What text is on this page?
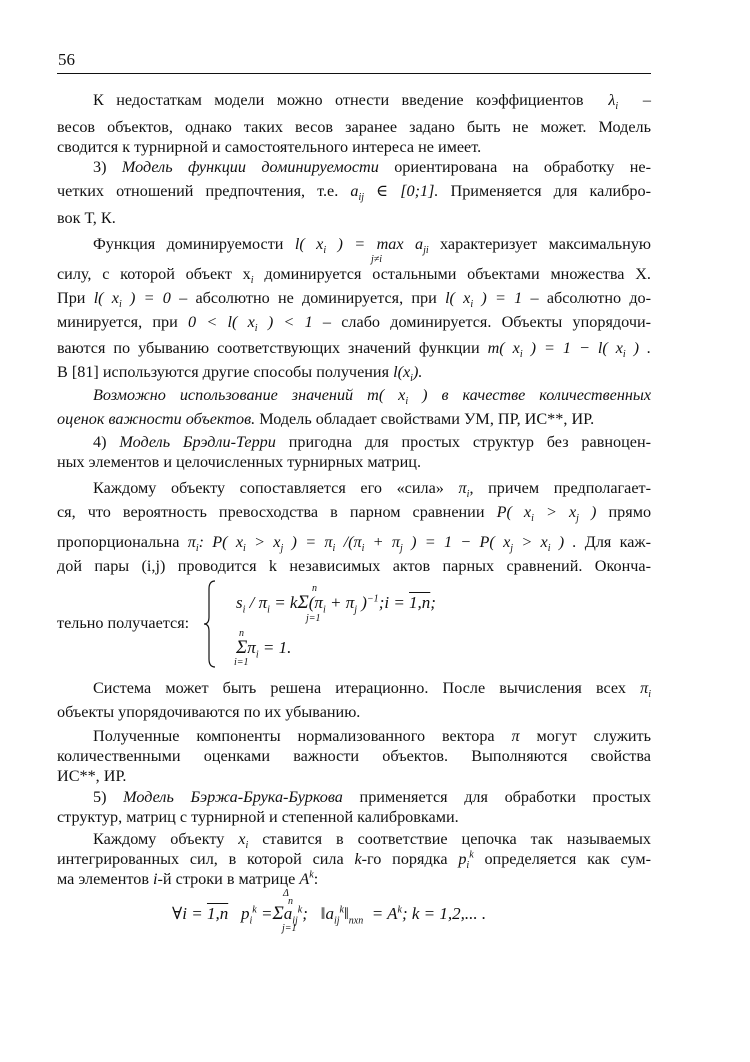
56
К недостаткам модели можно отнести введение коэффициентов $\lambda_i$  –
весов объектов, однако таких весов заранее задано быть не может. Модель
сводится к турнирной и самостоятельного интереса не имеет.
3) Модель функции доминируемости ориентирована на обработку не-
четких отношений предпочтения, т.е. $a_{ij}$ ∈ [0;1]. Применяется для калибро-
вок Т, К.
Функция доминируемости l( $x_i$ ) = $\max a_{ji}$ характеризует максимальную
j≠i
силу, с которой объект $x_i$ доминируется остальными объектами множества X.
При l( $x_i$ ) = 0 – абсолютно не доминируется, при l( $x_i$ ) = 1 – абсолютно до-
минируется, при 0 < l( $x_i$ ) < 1 – слабо доминируется. Объекты упорядочи-
ваются по убыванию соответствующих значений функции m( $x_i$ ) = 1 − l( $x_i$ ) .
В [81] используются другие способы получения $l(x_i)$.
Возможно использование значений m( $x_i$ ) в качестве количественных
оценок важности объектов. Модель обладает свойствами УМ, ПР, ИС**, ИР.
4) Модель Брэдли-Терри пригодна для простых структур без равноцен-
ных элементов и целочисленных турнирных матриц.
Каждому объекту сопоставляется его «сила» $\pi_i$, причем предполагает-
ся, что вероятность превосходства в парном сравнении P( $x_i > x_j$ ) прямо
пропорциональна $\pi_i$: P( $x_i > x_j$ ) = $\pi_i$ $/(\pi_i + \pi_j$ ) = 1 − P( $x_j > x_i$ ) . Для каж-
дой пары (i,j) проводится k независимых актов парных сравнений. Оконча-
тельно получается:
$s_i / \pi_i = k\Sigma(\pi_i + \pi_j$ )$^{-1}$;i = 1,n;
n
j=1
$\Sigma\pi_i = 1$.
n
i=1
Система может быть решена итерационно. После вычисления всех $\pi_i$
объекты упорядочиваются по их убыванию.
Полученные компоненты нормализованного вектора π могут служить
количественными оценками важности объектов. Выполняются свойства
ИС**, ИР.
5) Модель Бэржа-Брука-Буркова применяется для обработки простых
структур, матриц с турнирной и степенной калибровками.
Каждому объекту $x_i$ ставится в соответствие цепочка так называемых
интегрированных сил, в которой сила k-го порядка $p_i^k$ определяется как сум-
ма элементов i-й строки в матрице $A^k$:
∀i = 1,n $p_i^k =\Sigma a_{ij}^k$; $‖a_{ij}^k‖_{nxn} = A^k$; k = 1,2,... .
Δ
n
j=1
